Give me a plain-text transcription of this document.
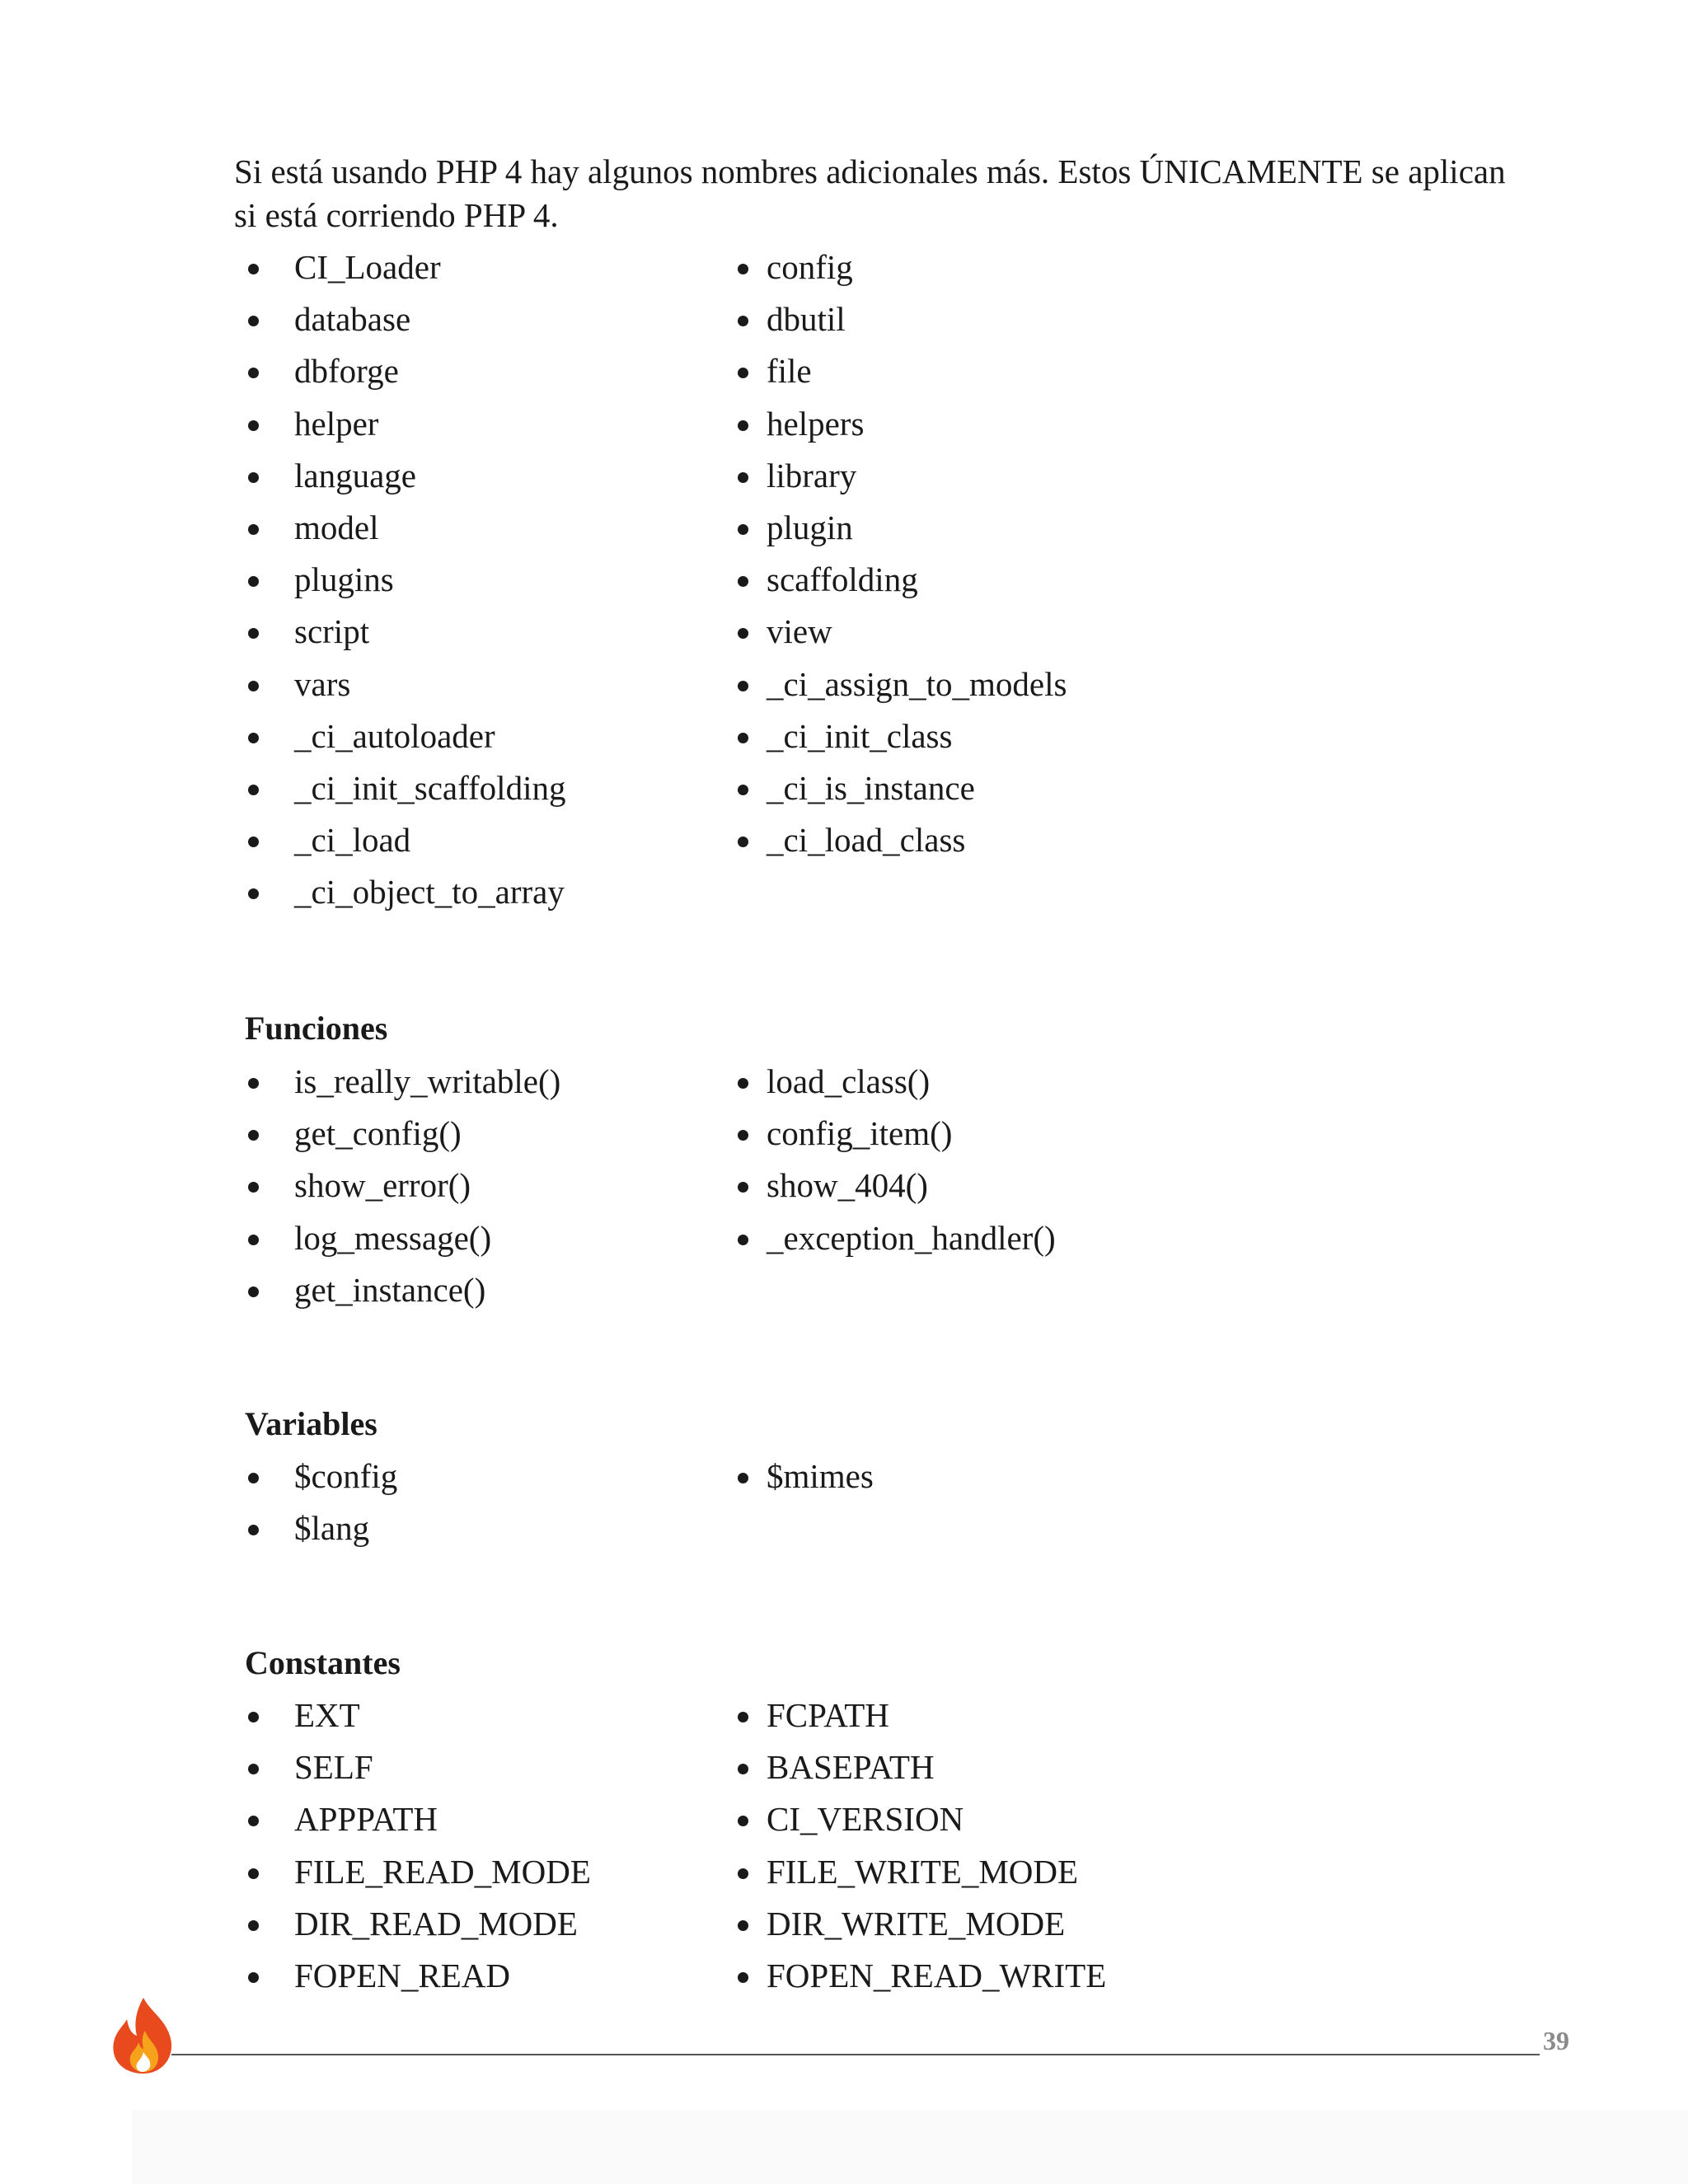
Si está usando PHP 4 hay algunos nombres adicionales más. Estos ÚNICAMENTE se aplican si está corriendo PHP 4.

CI_Loader
database
dbforge
helper
language
model
plugins
script
vars
_ci_autoloader
_ci_init_scaffolding
_ci_load
_ci_object_to_array
config
dbutil
file
helpers
library
plugin
scaffolding
view
_ci_assign_to_models
_ci_init_class
_ci_is_instance
_ci_load_class
Funciones
is_really_writable()
get_config()
show_error()
log_message()
get_instance()
load_class()
config_item()
show_404()
_exception_handler()
Variables
$config
$lang
$mimes
Constantes
EXT
SELF
APPPATH
FILE_READ_MODE
DIR_READ_MODE
FOPEN_READ
FCPATH
BASEPATH
CI_VERSION
FILE_WRITE_MODE
DIR_WRITE_MODE
FOPEN_READ_WRITE
39
